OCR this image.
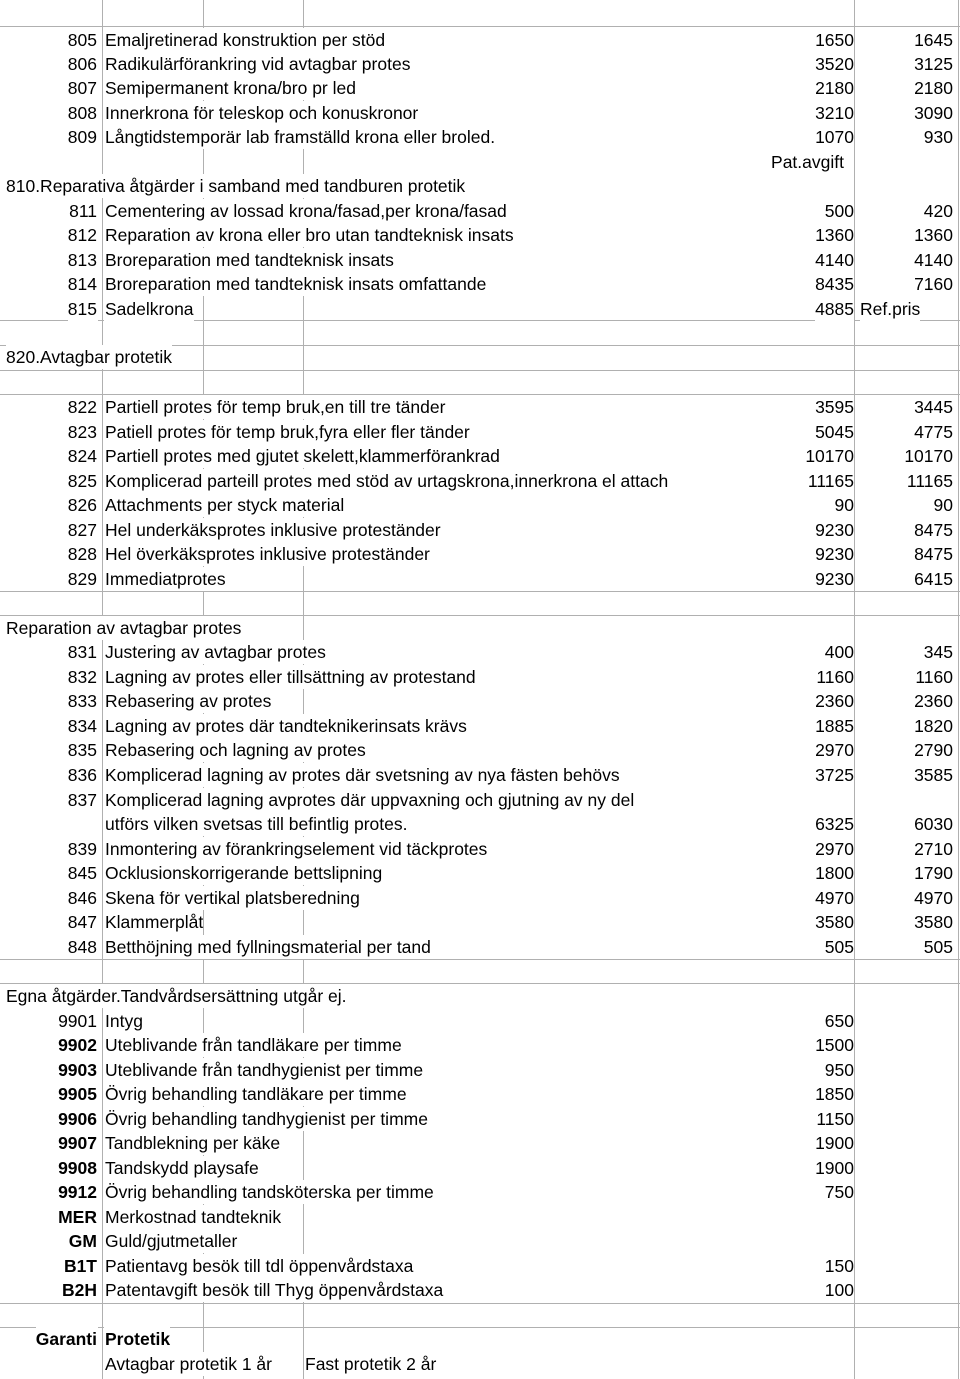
805 Emaljretinerad konstruktion per stöd	1650	1645
806 Radikulärförankring vid avtagbar protes	3520	3125
807 Semipermanent krona/bro pr led	2180	2180
808 Innerkrona för teleskop och konuskronor	3210	3090
809 Långtidstemporär lab framställd krona eller broled.	1070	930
Pat.avgift
810.Reparativa åtgärder i samband med tandburen protetik
811 Cementering av lossad krona/fasad,per krona/fasad	500	420
812 Reparation av krona eller bro utan tandteknisk insats	1360	1360
813 Broreparation med tandteknisk insats	4140	4140
814 Broreparation med tandteknisk insats omfattande	8435	7160
815 Sadelkrona	4885 Ref.pris
820.Avtagbar protetik
822 Partiell protes för temp bruk,en till tre tänder	3595	3445
823 Patiell protes för temp bruk,fyra eller fler tänder	5045	4775
824 Partiell protes med gjutet skelett,klammerförankrad	10170	10170
825 Komplicerad parteill protes med stöd av urtagskrona,innerkrona el attach	11165	11165
826 Attachments per styck material	90	90
827 Hel underkäksprotes inklusive proteständer	9230	8475
828 Hel överkäksprotes inklusive proteständer	9230	8475
829 Immediatprotes	9230	6415
Reparation av avtagbar protes
831 Justering av avtagbar protes	400	345
832 Lagning av protes eller tillsättning av protestand	1160	1160
833 Rebasering av protes	2360	2360
834 Lagning av protes där tandteknikerinsats krävs	1885	1820
835 Rebasering och lagning av protes	2970	2790
836 Komplicerad lagning av protes där svetsning av nya fästen behövs	3725	3585
837 Komplicerad lagning avprotes där uppvaxning och gjutning av ny del
utförs vilken svetsas till befintlig protes.	6325	6030
839 Inmontering av förankringselement vid täckprotes	2970	2710
845 Ocklusionskorrigerande bettslipning	1800	1790
846 Skena för vertikal platsberedning	4970	4970
847 Klammerplåt	3580	3580
848 Betthöjning med fyllningsmaterial per tand	505	505
Egna åtgärder.Tandvårdsersättning utgår ej.
9901 Intyg	650
9902 Uteblivande från tandläkare per timme	1500
9903 Uteblivande från tandhygienist per timme	950
9905 Övrig behandling tandläkare per timme	1850
9906 Övrig behandling tandhygienist per timme	1150
9907 Tandblekning per käke	1900
9908 Tandskydd playsafe	1900
9912 Övrig behandling tandsköterska per timme	750
MER Merkostnad tandteknik
GM Guld/gjutmetaller
B1T Patientavg besök till tdl öppenvårdstaxa	150
B2H Patentavgift besök till Thyg öppenvårdstaxa	100
Garanti Protetik
Avtagbar protetik 1 år	Fast protetik 2 år
